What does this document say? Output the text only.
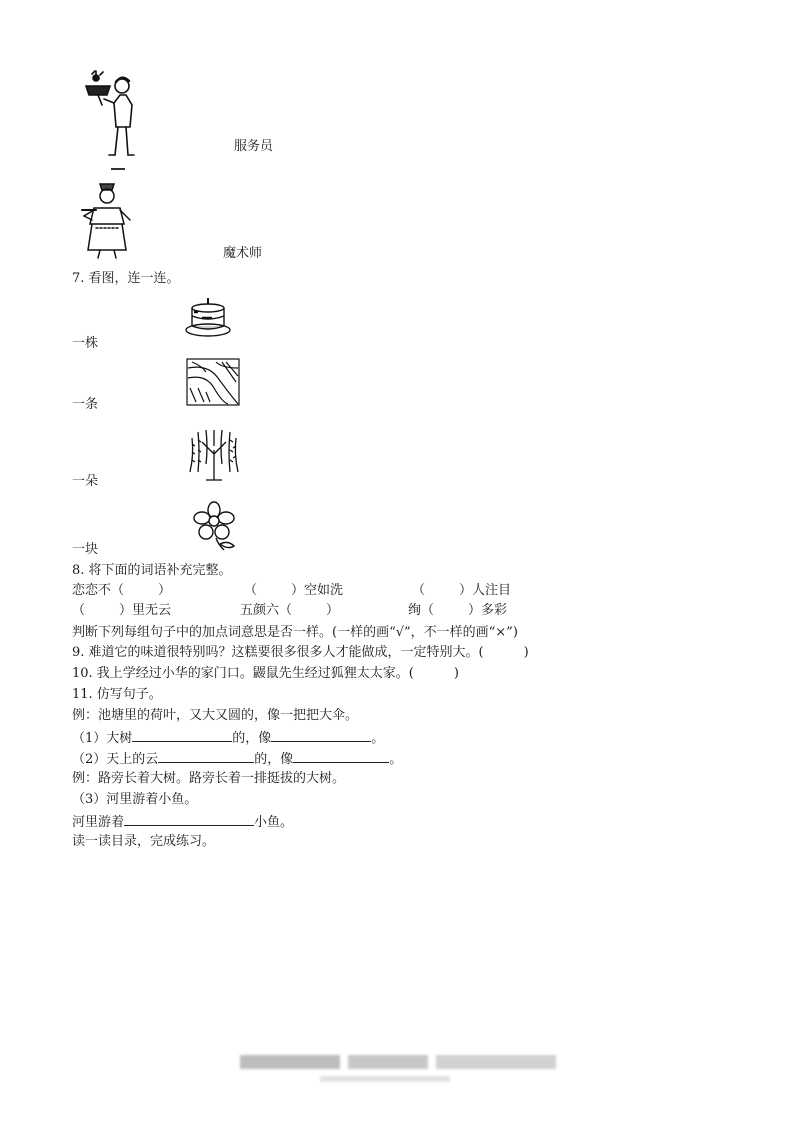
服务员
魔术师
7. 看图，连一连。
一株
一条
一朵
一块
8. 将下面的词语补充完整。
恋恋不（	）	（	）空如洗	（	）人注目
（	）里无云	五颜六（	）	绚（	）多彩
判断下列每组句子中的加点词意思是否一样。(一样的画“√”，不一样的画“×”)
9. 难道它的味道很特别吗？这糕要很多很多人才能做成，一定特别大。(	)
10. 我上学经过小华的家门口。鼹鼠先生经过狐狸太太家。(	)
11. 仿写句子。
例：池塘里的荷叶，又大又圆的，像一把把大伞。
（1）大树	的，像	。
（2）天上的云	的，像	。
例：路旁长着大树。路旁长着一排挺拔的大树。
（3）河里游着小鱼。
河里游着	小鱼。
读一读目录，完成练习。
